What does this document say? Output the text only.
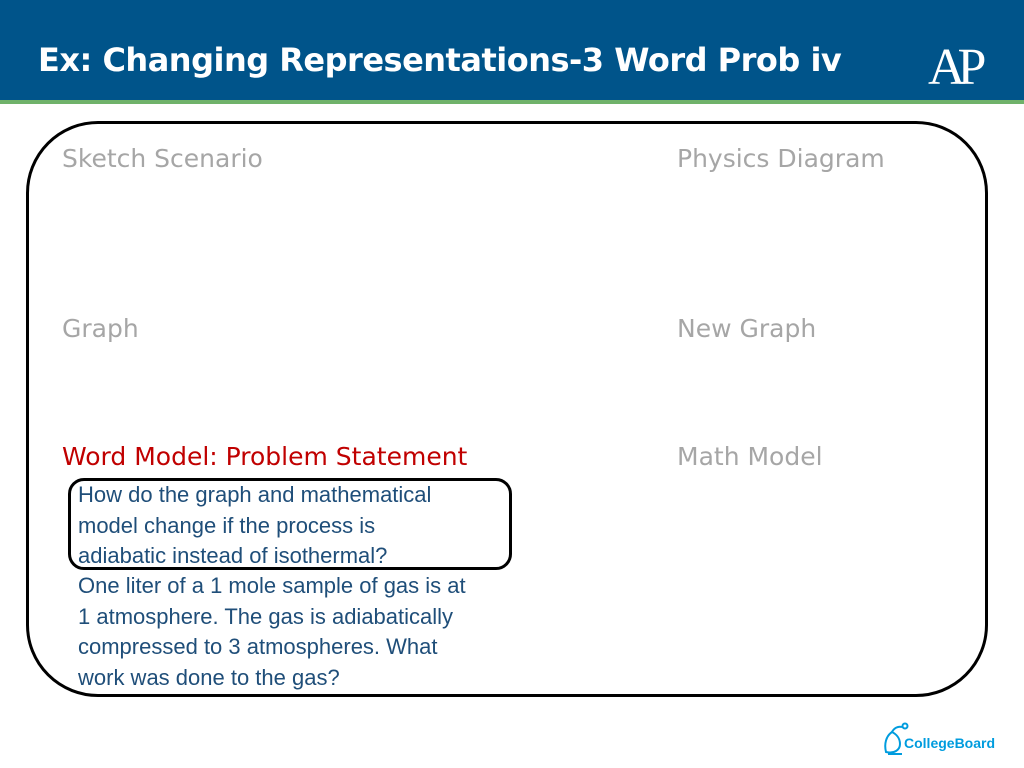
Ex: Changing Representations-3 Word Prob iv AP

Sketch Scenario	Physics Diagram

Graph	New Graph

Word Model: Problem Statement	Math Model

How do the graph and mathematical
model change if the process is
adiabatic instead of isothermal?
One liter of a 1 mole sample of gas is at
1 atmosphere. The gas is adiabatically
compressed to 3 atmospheres. What
work was done to the gas?
CollegeBoard
